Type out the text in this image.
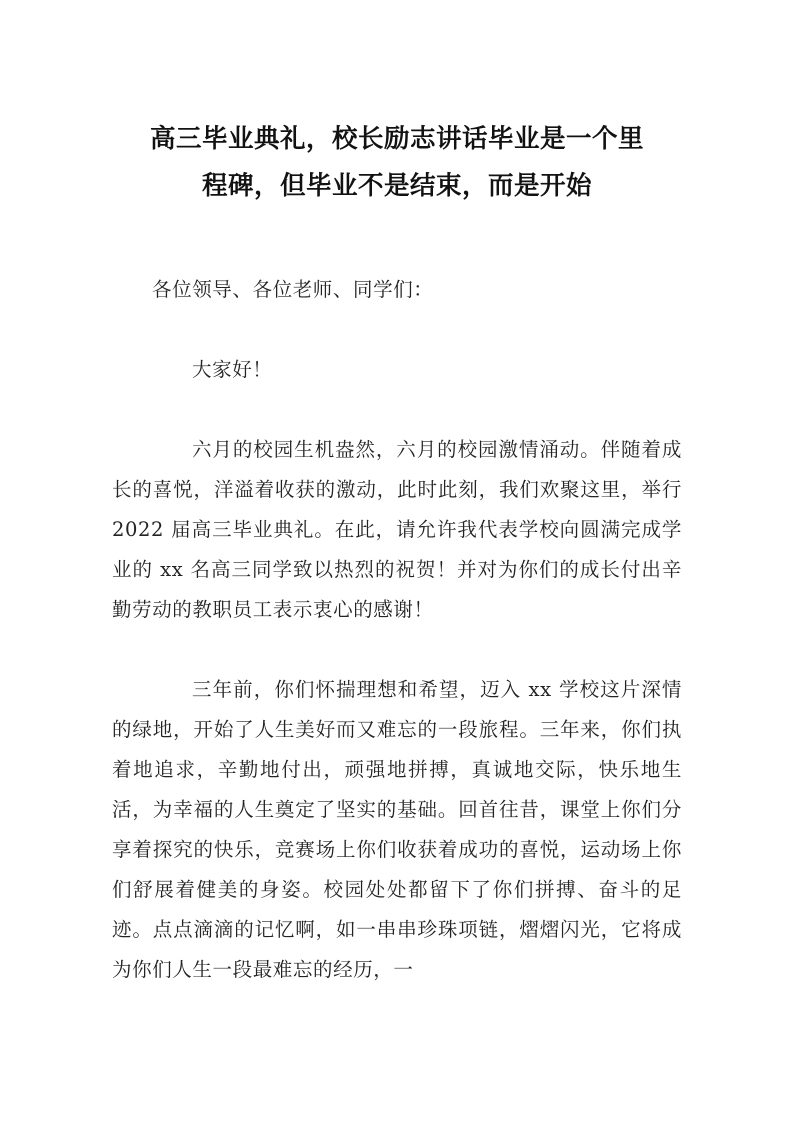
高三毕业典礼，校长励志讲话毕业是一个里
程碑，但毕业不是结束，而是开始

各位领导、各位老师、同学们：

大家好！

六月的校园生机盎然，六月的校园激情涌动。伴随着成长的喜悦，洋溢着收获的激动，此时此刻，我们欢聚这里，举行 2022 届高三毕业典礼。在此，请允许我代表学校向圆满完成学业的 xx 名高三同学致以热烈的祝贺！并对为你们的成长付出辛勤劳动的教职员工表示衷心的感谢！

三年前，你们怀揣理想和希望，迈入 xx 学校这片深情的绿地，开始了人生美好而又难忘的一段旅程。三年来，你们执着地追求，辛勤地付出，顽强地拼搏，真诚地交际，快乐地生活，为幸福的人生奠定了坚实的基础。回首往昔，课堂上你们分享着探究的快乐，竞赛场上你们收获着成功的喜悦，运动场上你们舒展着健美的身姿。校园处处都留下了你们拼搏、奋斗的足迹。点点滴滴的记忆啊，如一串串珍珠项链，熠熠闪光，它将成为你们人生一段最难忘的经历，一
